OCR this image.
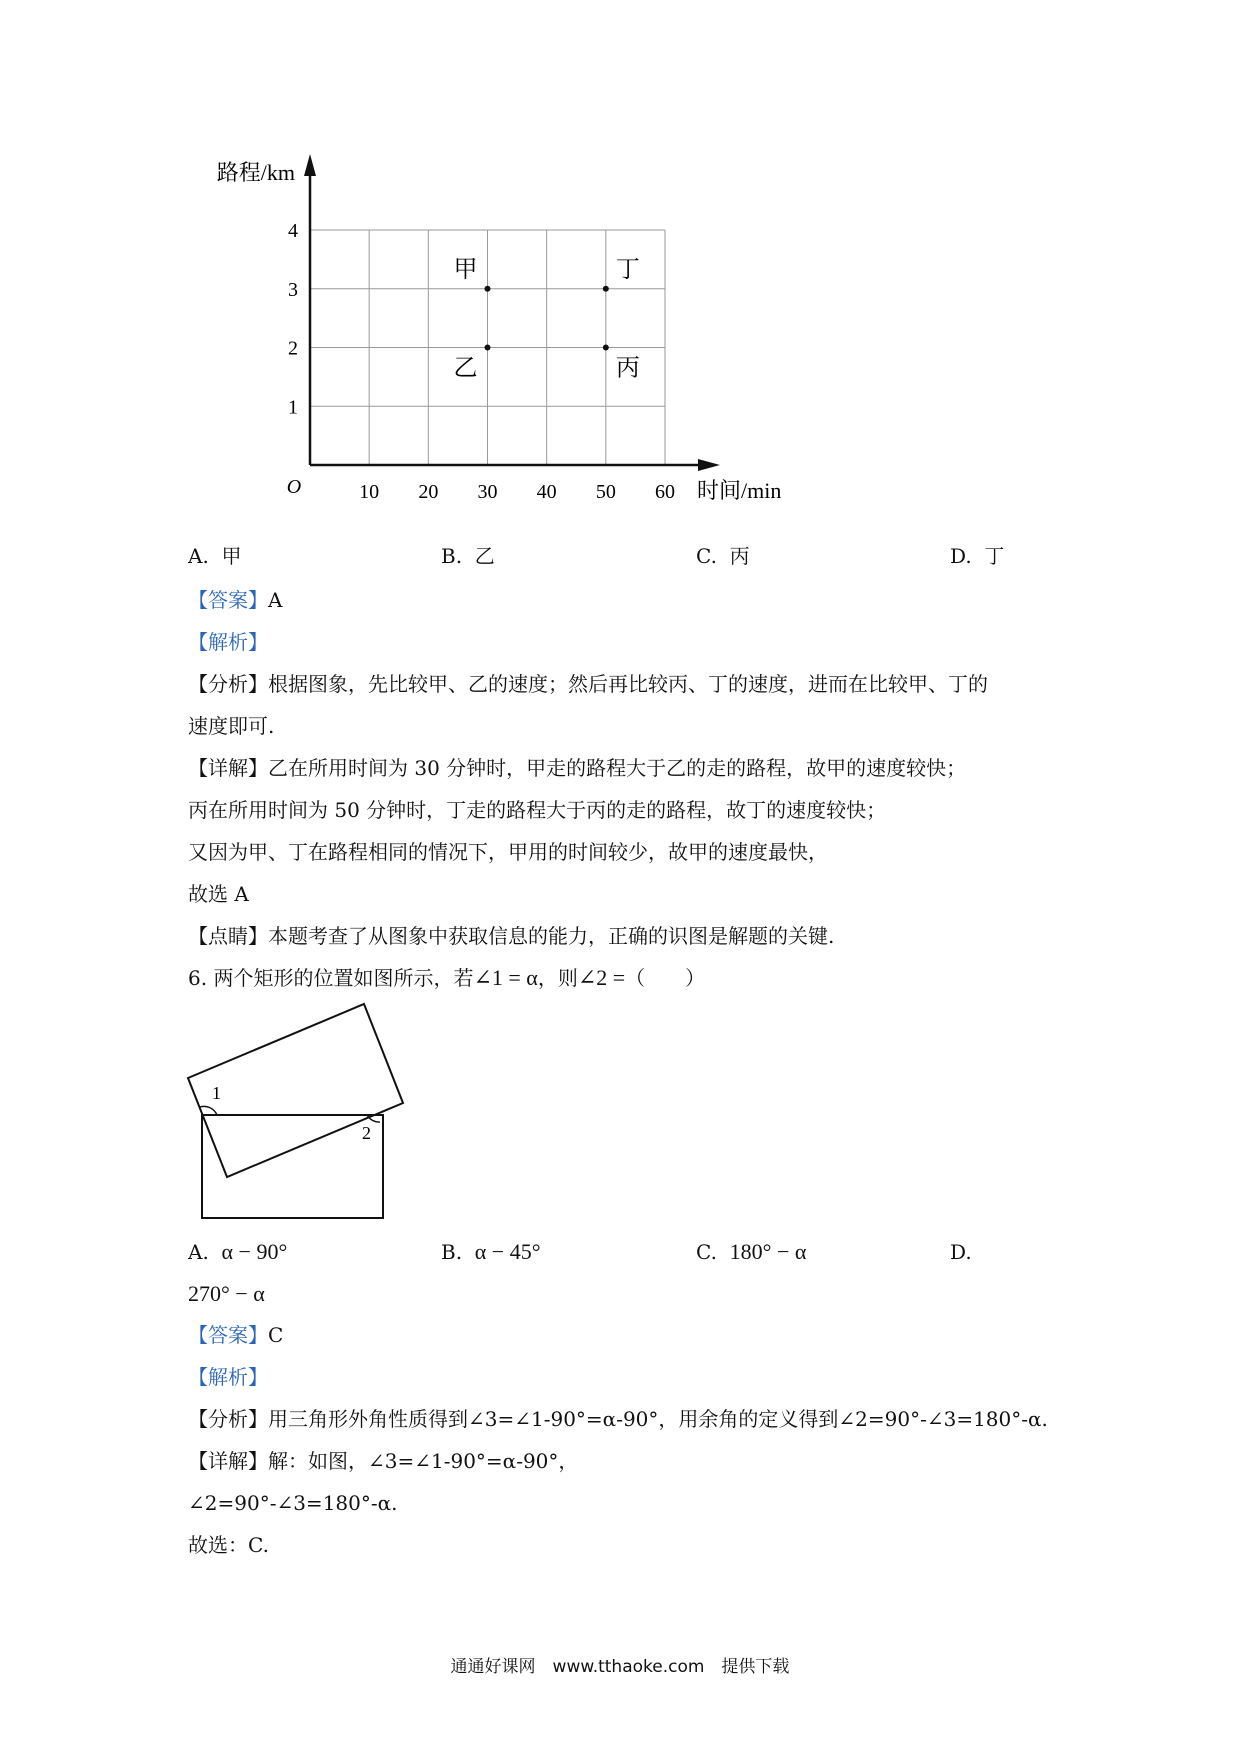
10 20 30 40 50 60
1
2
3
4
O
路程/km
时间/min
甲
乙	丙
丁
A. 甲	B. 乙	C. 丙	D. 丁
【答案】A
【解析】
【分析】根据图象，先比较甲、乙的速度；然后再比较丙、丁的速度，进而在比较甲、丁的
速度即可.
【详解】乙在所用时间为 30 分钟时，甲走的路程大于乙的走的路程，故甲的速度较快；
丙在所用时间为 50 分钟时，丁走的路程大于丙的走的路程，故丁的速度较快；
又因为甲、丁在路程相同的情况下，甲用的时间较少，故甲的速度最快，
故选 A
【点睛】本题考查了从图象中获取信息的能力，正确的识图是解题的关键.
6. 两个矩形的位置如图所示，若∠1 = α，则∠2 =（　　）
1
2
A. α − 90°	B. α − 45°	C. 180° − α	D.
270° − α
【答案】C
【解析】
【分析】用三角形外角性质得到∠3=∠1-90°=α-90°，用余角的定义得到∠2=90°-∠3=180°-α.
【详解】解：如图，∠3=∠1-90°=α-90°，
∠2=90°-∠3=180°-α.
故选：C.
通通好课网　www.tthaoke.com　提供下载
